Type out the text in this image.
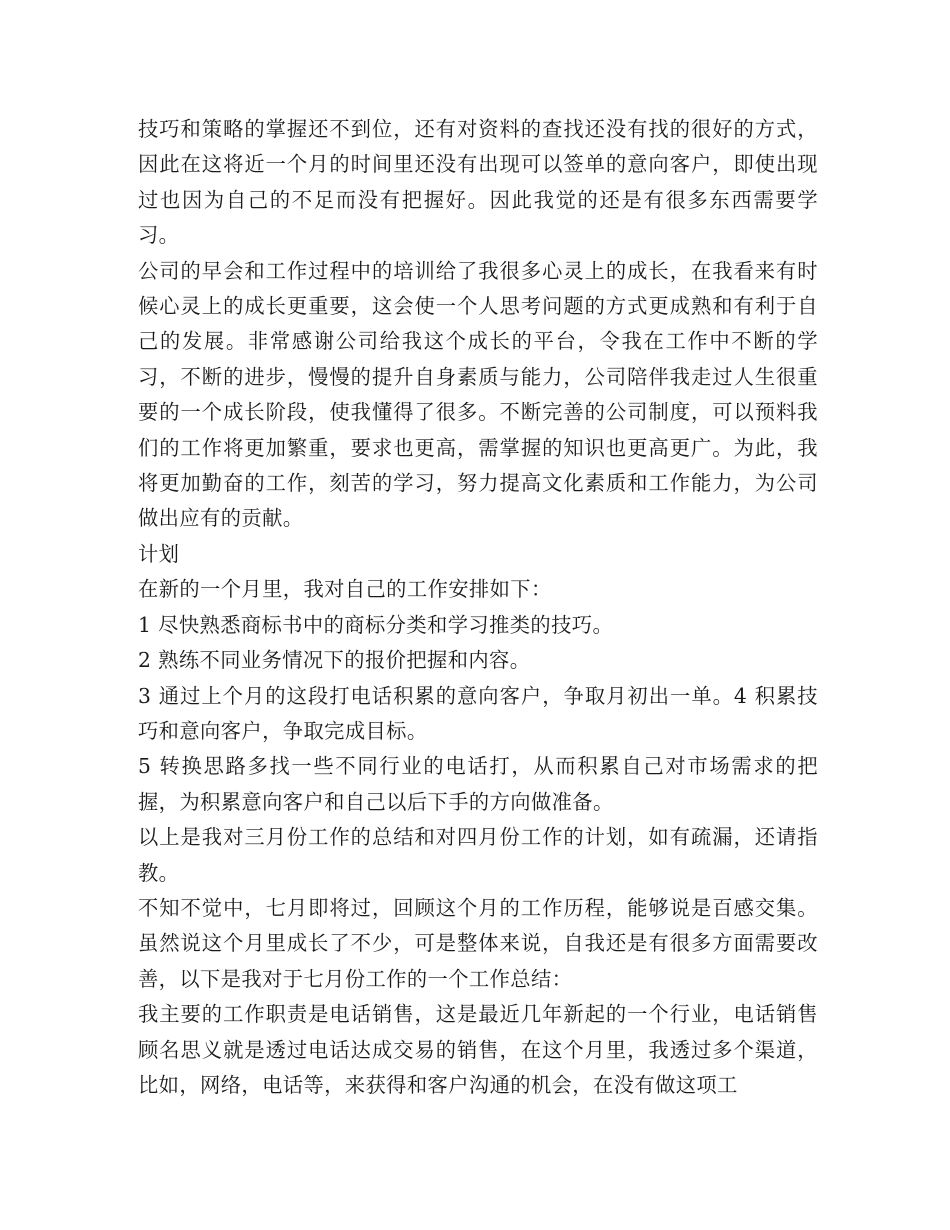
技巧和策略的掌握还不到位，还有对资料的查找还没有找的很好的方式，因此在这将近一个月的时间里还没有出现可以签单的意向客户，即使出现过也因为自己的不足而没有把握好。因此我觉的还是有很多东西需要学习。

公司的早会和工作过程中的培训给了我很多心灵上的成长，在我看来有时候心灵上的成长更重要，这会使一个人思考问题的方式更成熟和有利于自己的发展。非常感谢公司给我这个成长的平台，令我在工作中不断的学习，不断的进步，慢慢的提升自身素质与能力，公司陪伴我走过人生很重要的一个成长阶段，使我懂得了很多。不断完善的公司制度，可以预料我们的工作将更加繁重，要求也更高，需掌握的知识也更高更广。为此，我将更加勤奋的工作，刻苦的学习，努力提高文化素质和工作能力，为公司做出应有的贡献。

计划

在新的一个月里，我对自己的工作安排如下：

1 尽快熟悉商标书中的商标分类和学习推类的技巧。

2 熟练不同业务情况下的报价把握和内容。

3 通过上个月的这段打电话积累的意向客户，争取月初出一单。4 积累技巧和意向客户，争取完成目标。

5 转换思路多找一些不同行业的电话打，从而积累自己对市场需求的把握，为积累意向客户和自己以后下手的方向做准备。

以上是我对三月份工作的总结和对四月份工作的计划，如有疏漏，还请指教。

不知不觉中，七月即将过，回顾这个月的工作历程，能够说是百感交集。虽然说这个月里成长了不少，可是整体来说，自我还是有很多方面需要改善，以下是我对于七月份工作的一个工作总结：

我主要的工作职责是电话销售，这是最近几年新起的一个行业，电话销售顾名思义就是透过电话达成交易的销售，在这个月里，我透过多个渠道，比如，网络，电话等，来获得和客户沟通的机会，在没有做这项工
